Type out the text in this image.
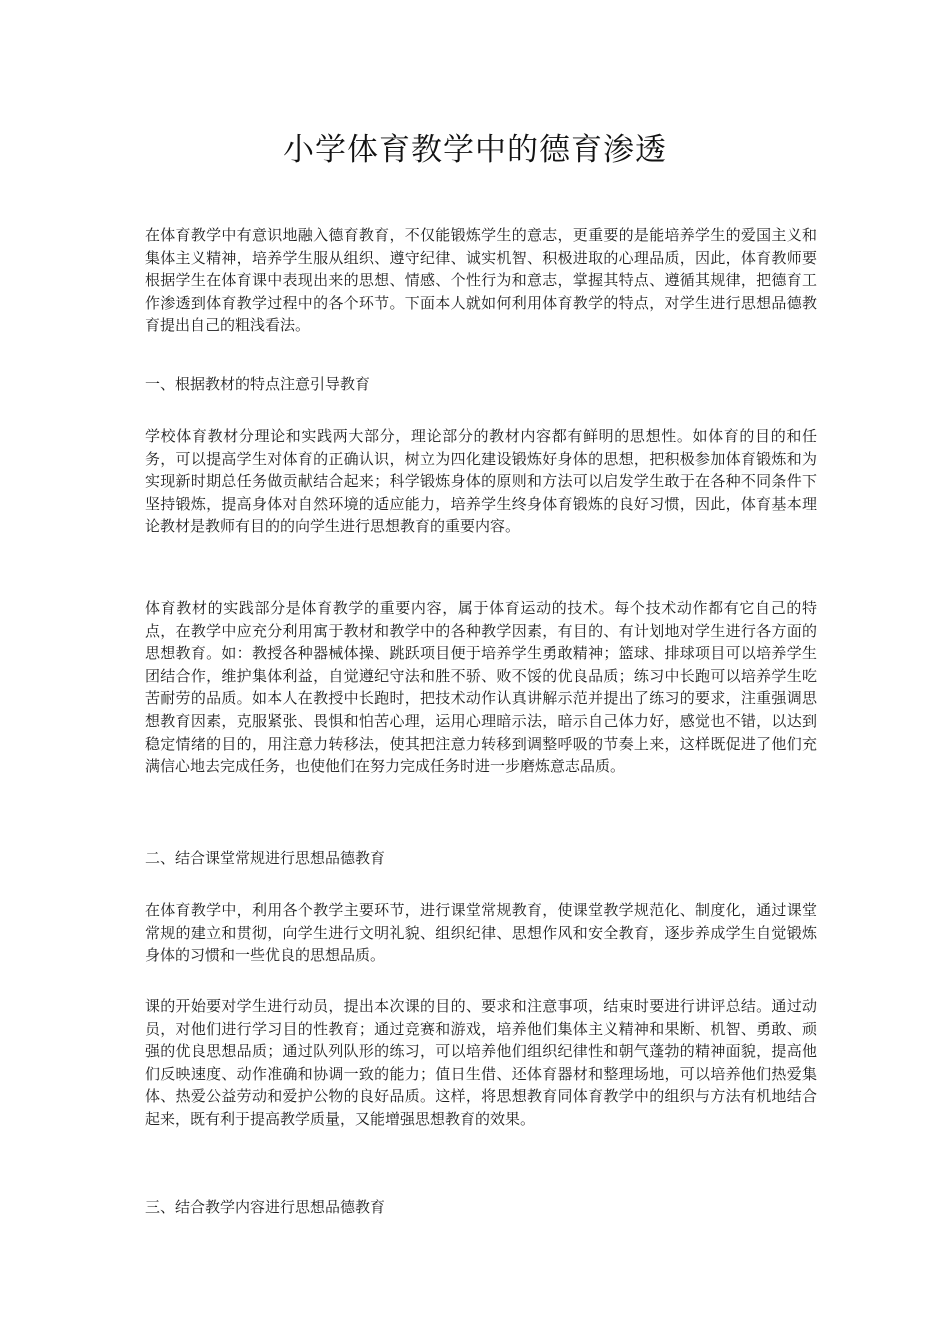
小学体育教学中的德育渗透

在体育教学中有意识地融入德育教育，不仅能锻炼学生的意志，更重要的是能培养学生的爱国主义和集体主义精神，培养学生服从组织、遵守纪律、诚实机智、积极进取的心理品质，因此，体育教师要根据学生在体育课中表现出来的思想、情感、个性行为和意志，掌握其特点、遵循其规律，把德育工作渗透到体育教学过程中的各个环节。下面本人就如何利用体育教学的特点，对学生进行思想品德教育提出自己的粗浅看法。

一、根据教材的特点注意引导教育

学校体育教材分理论和实践两大部分，理论部分的教材内容都有鲜明的思想性。如体育的目的和任务，可以提高学生对体育的正确认识，树立为四化建设锻炼好身体的思想，把积极参加体育锻炼和为实现新时期总任务做贡献结合起来；科学锻炼身体的原则和方法可以启发学生敢于在各种不同条件下坚持锻炼，提高身体对自然环境的适应能力，培养学生终身体育锻炼的良好习惯，因此，体育基本理论教材是教师有目的的向学生进行思想教育的重要内容。

体育教材的实践部分是体育教学的重要内容，属于体育运动的技术。每个技术动作都有它自己的特点，在教学中应充分利用寓于教材和教学中的各种教学因素，有目的、有计划地对学生进行各方面的思想教育。如：教授各种器械体操、跳跃项目便于培养学生勇敢精神；篮球、排球项目可以培养学生团结合作，维护集体利益，自觉遵纪守法和胜不骄、败不馁的优良品质；练习中长跑可以培养学生吃苦耐劳的品质。如本人在教授中长跑时，把技术动作认真讲解示范并提出了练习的要求，注重强调思想教育因素，克服紧张、畏惧和怕苦心理，运用心理暗示法，暗示自己体力好，感觉也不错，以达到稳定情绪的目的，用注意力转移法，使其把注意力转移到调整呼吸的节奏上来，这样既促进了他们充满信心地去完成任务，也使他们在努力完成任务时进一步磨炼意志品质。

二、结合课堂常规进行思想品德教育

在体育教学中，利用各个教学主要环节，进行课堂常规教育，使课堂教学规范化、制度化，通过课堂常规的建立和贯彻，向学生进行文明礼貌、组织纪律、思想作风和安全教育，逐步养成学生自觉锻炼身体的习惯和一些优良的思想品质。

课的开始要对学生进行动员，提出本次课的目的、要求和注意事项，结束时要进行讲评总结。通过动员，对他们进行学习目的性教育；通过竞赛和游戏，培养他们集体主义精神和果断、机智、勇敢、顽强的优良思想品质；通过队列队形的练习，可以培养他们组织纪律性和朝气蓬勃的精神面貌，提高他们反映速度、动作准确和协调一致的能力；值日生借、还体育器材和整理场地，可以培养他们热爱集体、热爱公益劳动和爱护公物的良好品质。这样，将思想教育同体育教学中的组织与方法有机地结合起来，既有利于提高教学质量，又能增强思想教育的效果。

三、结合教学内容进行思想品德教育
